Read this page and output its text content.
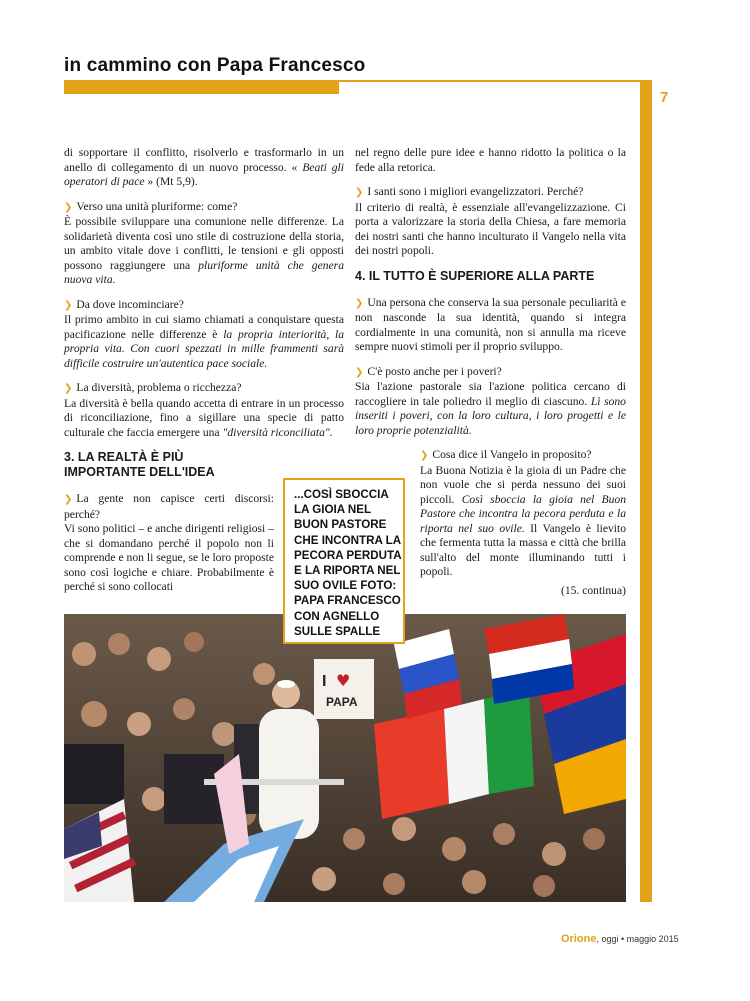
in cammino con Papa Francesco
7

di sopportare il conflitto, risolverlo e trasformarlo in un anello di collegamento di un nuovo processo. « Beati gli operatori di pace » (Mt 5,9).

❯ Verso una unità pluriforme: come?
È possibile sviluppare una comunione nelle differenze. La solidarietà diventa così uno stile di costruzione della storia, un ambito vitale dove i conflitti, le tensioni e gli opposti possono raggiungere una pluriforme unità che genera nuova vita.

❯ Da dove incominciare?
Il primo ambito in cui siamo chiamati a conquistare questa pacificazione nelle differenze è la propria interiorità, la propria vita. Con cuori spezzati in mille frammenti sarà difficile costruire un'autentica pace sociale.

❯ La diversità, problema o ricchezza?
La diversità è bella quando accetta di entrare in un processo di riconciliazione, fino a sigillare una specie di patto culturale che faccia emergere una "diversità riconciliata".

3. LA REALTÀ È PIÙ IMPORTANTE DELL'IDEA
❯ La gente non capisce certi discorsi: perché?
Vi sono politici – e anche dirigenti religiosi – che si domandano perché il popolo non li comprende e non li segue, se le loro proposte sono così logiche e chiare. Probabilmente è perché si sono collocati

nel regno delle pure idee e hanno ridotto la politica o la fede alla retorica.

❯ I santi sono i migliori evangelizzatori. Perché?
Il criterio di realtà, è essenziale all'evangelizzazione. Ci porta a valorizzare la storia della Chiesa, a fare memoria dei nostri santi che hanno inculturato il Vangelo nella vita dei nostri popoli.

4. IL TUTTO È SUPERIORE ALLA PARTE

❯ Una persona che conserva la sua personale peculiarità e non nasconde la sua identità, quando si integra cordialmente in una comunità, non si annulla ma riceve sempre nuovi stimoli per il proprio sviluppo.

❯ C'è posto anche per i poveri?
Sia l'azione pastorale sia l'azione politica cercano di raccogliere in tale poliedro il meglio di ciascuno. Lì sono inseriti i poveri, con la loro cultura, i loro progetti e le loro proprie potenzialità.

❯ Cosa dice il Vangelo in proposito?
La Buona Notizia è la gioia di un Padre che non vuole che si perda nessuno dei suoi piccoli. Così sboccia la gioia nel Buon Pastore che incontra la pecora perduta e la riporta nel suo ovile. Il Vangelo è lievito che fermenta tutta la massa e città che brilla sull'alto del monte illuminando tutti i popoli.
(15. continua)
...COSÌ SBOCCIA LA GIOIA NEL BUON PASTORE CHE INCONTRA LA PECORA PERDUTA E LA RIPORTA NEL SUO OVILE FOTO: PAPA FRANCESCO CON AGNELLO SULLE SPALLE
I ♥
PAPA
Orione, oggi • maggio 2015
